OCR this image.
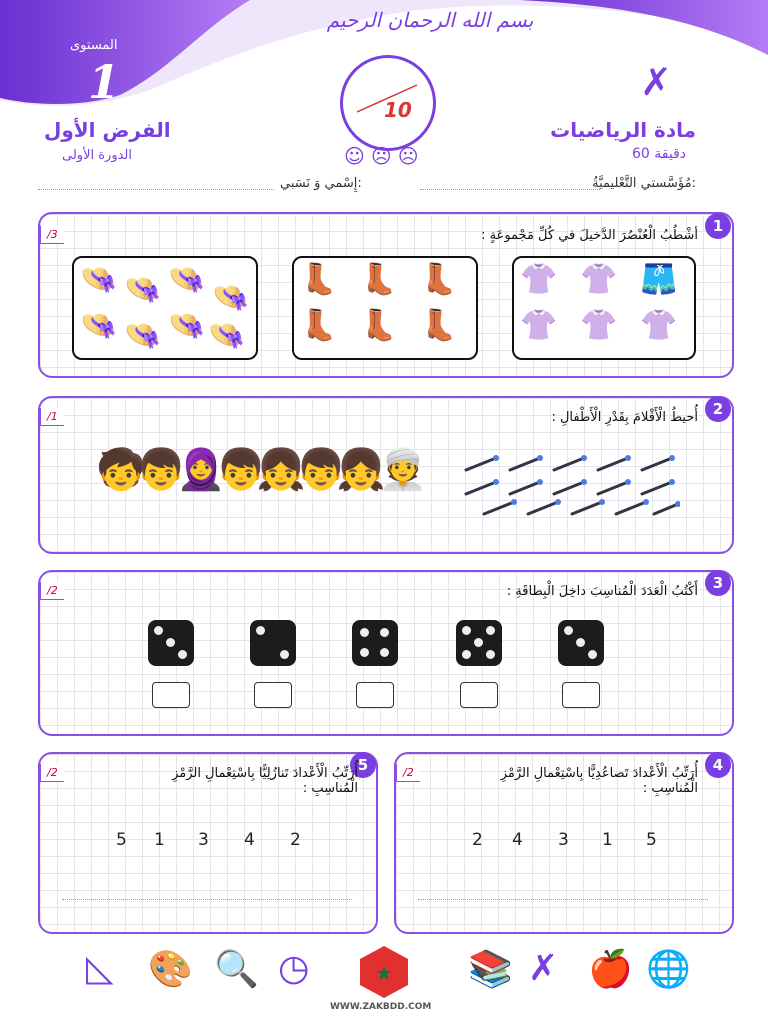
بسم الله الرحمان الرحيم
المستوى
1	✗
مادة الرياضيات
60 دقيقة
الفرض الأول
الدورة الأولى
10
☺☹☹
مُؤَسَّستي التَّعْليميَّةُ:
إِسْمي وَ نَسَبي:
1
/3	أشْطُبُ الْعُنْصُرَ الدَّخيلَ في كُلِّ مَجْموعَةٍ :
👚 👚 🩳
👚 👚 👚
👢 👢 👢
👢 👢 👢
👒 👒 👒
👒
👒 👒 👒 👒
2
/1	أُحيطُ الْأَقْلامَ بِقَدْرِ الْأَطْفالِ :
🧒
👦
🧕
👦
👧
👦
👧
👳
3
/2	أَكْتُبُ الْعَدَدَ الْمُناسِبَ داخِلَ الْبِطاقَةِ :
5
/2	أُرَتِّبُ الْأَعْدادَ تَنازُلِيًّا بِاسْتِعْمالِ الرَّمْزِ الْمُناسِبِ :
5 1 3 4 2
4
/2	أُرَتِّبُ الْأَعْدادَ تَصاعُدِيًّا بِاسْتِعْمالِ الرَّمْزِ الْمُناسِبِ :
2 4 3 1 5
◺ 🎨 🔍 ◷	★ 📚 ✗ 🍎 🌐
WWW.ZAKBDD.COM
